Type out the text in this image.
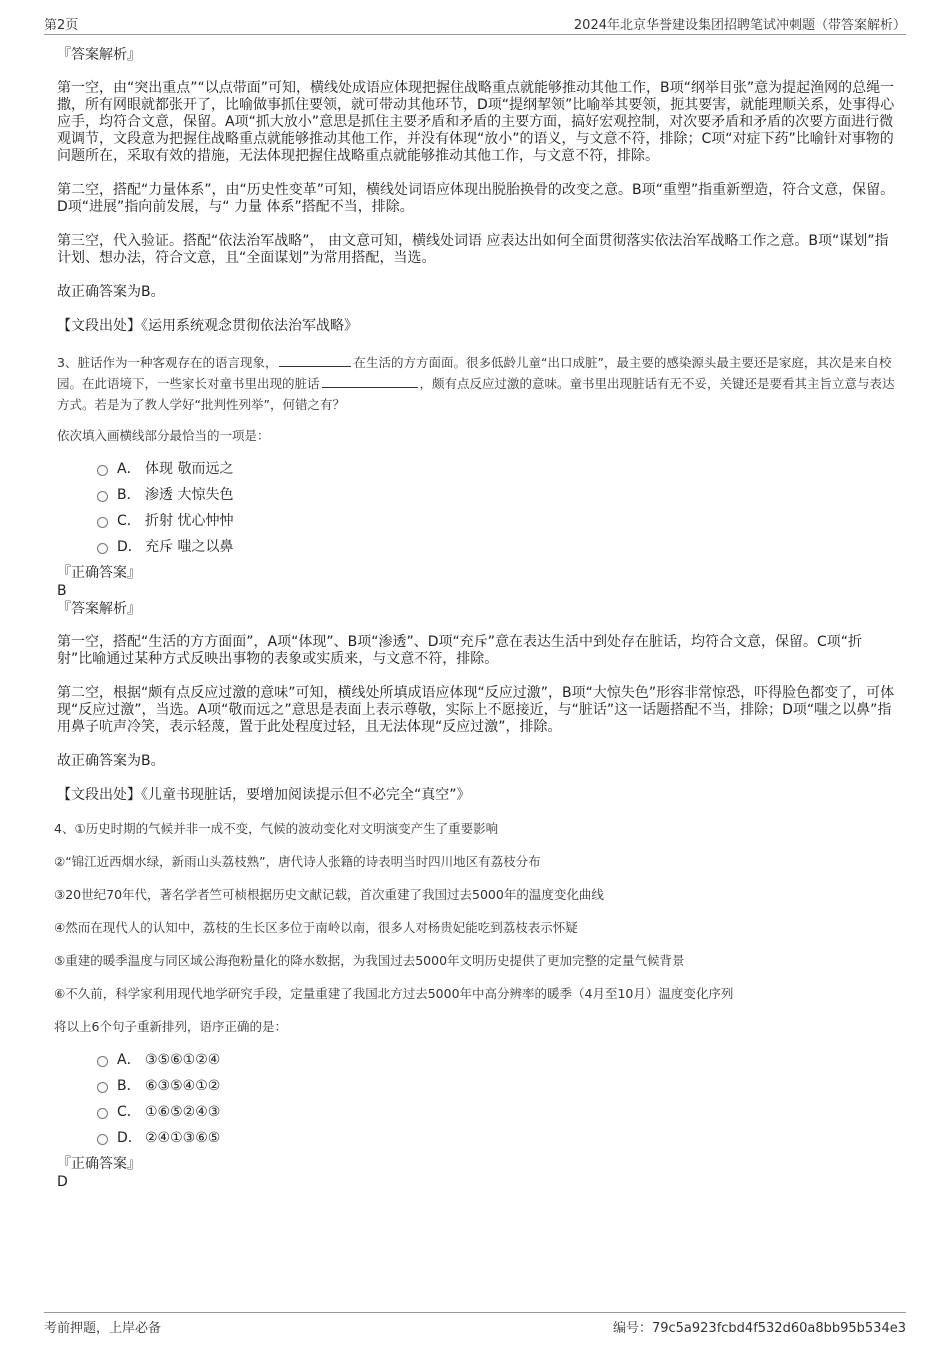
第2页	2024年北京华誉建设集团招聘笔试冲刺题（带答案解析）

『答案解析』

第一空，由“突出重点”“以点带面”可知，横线处成语应体现把握住战略重点就能够推动其他工作，B项“纲举目张”意为提起渔网的总绳一撒，所有网眼就都张开了，比喻做事抓住要领，就可带动其他环节，D项“提纲挈领”比喻举其要领，扼其要害，就能理顺关系，处事得心应手，均符合文意，保留。A项“抓大放小”意思是抓住主要矛盾和矛盾的主要方面，搞好宏观控制，对次要矛盾和矛盾的次要方面进行微观调节，文段意为把握住战略重点就能够推动其他工作，并没有体现“放小”的语义，与文意不符，排除；C项“对症下药”比喻针对事物的问题所在，采取有效的措施，无法体现把握住战略重点就能够推动其他工作，与文意不符，排除。

第二空，搭配“力量体系”，由“历史性变革”可知，横线处词语应体现出脱胎换骨的改变之意。B项“重塑”指重新塑造，符合文意，保留。D项“进展”指向前发展，与“ 力量 体系”搭配不当，排除。

第三空，代入验证。搭配“依法治军战略”， 由文意可知，横线处词语 应表达出如何全面贯彻落实依法治军战略工作之意。B项“谋划”指计划、想办法，符合文意，且“全面谋划”为常用搭配，当选。

故正确答案为B。

【文段出处】《运用系统观念贯彻依法治军战略》

3、脏话作为一种客观存在的语言现象，	在生活的方方面面。很多低龄儿童“出口成脏”，最主要的感染源头最主要还是家庭，其次是来自校园。在此语境下，一些家长对童书里出现的脏话	，颇有点反应过激的意味。童书里出现脏话有无不妥，关键还是要看其主旨立意与表达方式。若是为了教人学好“批判性列举”，何错之有？

依次填入画横线部分最恰当的一项是：

A． 体现 敬而远之
B． 渗透 大惊失色
C． 折射 忧心忡忡
D． 充斥 嗤之以鼻

『正确答案』

B

『答案解析』

第一空，搭配“生活的方方面面”，A项“体现”、B项“渗透”、D项“充斥”意在表达生活中到处存在脏话，均符合文意，保留。C项“折射”比喻通过某种方式反映出事物的表象或实质来，与文意不符，排除。

第二空，根据“颇有点反应过激的意味”可知，横线处所填成语应体现“反应过激”，B项“大惊失色”形容非常惊恐，吓得脸色都变了，可体现“反应过激”，当选。A项“敬而远之”意思是表面上表示尊敬，实际上不愿接近，与“脏话”这一话题搭配不当，排除；D项“嗤之以鼻”指用鼻子吭声冷笑，表示轻蔑，置于此处程度过轻，且无法体现“反应过激”，排除。

故正确答案为B。

【文段出处】《儿童书现脏话，要增加阅读提示但不必完全“真空”》

4、①历史时期的气候并非一成不变，气候的波动变化对文明演变产生了重要影响

②“锦江近西烟水绿，新雨山头荔枝熟”，唐代诗人张籍的诗表明当时四川地区有荔枝分布

③20世纪70年代，著名学者竺可桢根据历史文献记载，首次重建了我国过去5000年的温度变化曲线

④然而在现代人的认知中，荔枝的生长区多位于南岭以南，很多人对杨贵妃能吃到荔枝表示怀疑

⑤重建的暖季温度与同区域公海孢粉量化的降水数据，为我国过去5000年文明历史提供了更加完整的定量气候背景

⑥不久前，科学家利用现代地学研究手段，定量重建了我国北方过去5000年中高分辨率的暖季（4月至10月）温度变化序列

将以上6个句子重新排列，语序正确的是：

A． ③⑤⑥①②④
B． ⑥③⑤④①②
C． ①⑥⑤②④③
D． ②④①③⑥⑤

『正确答案』

D

考前押题，上岸必备	编号：79c5a923fcbd4f532d60a8bb95b534e3
